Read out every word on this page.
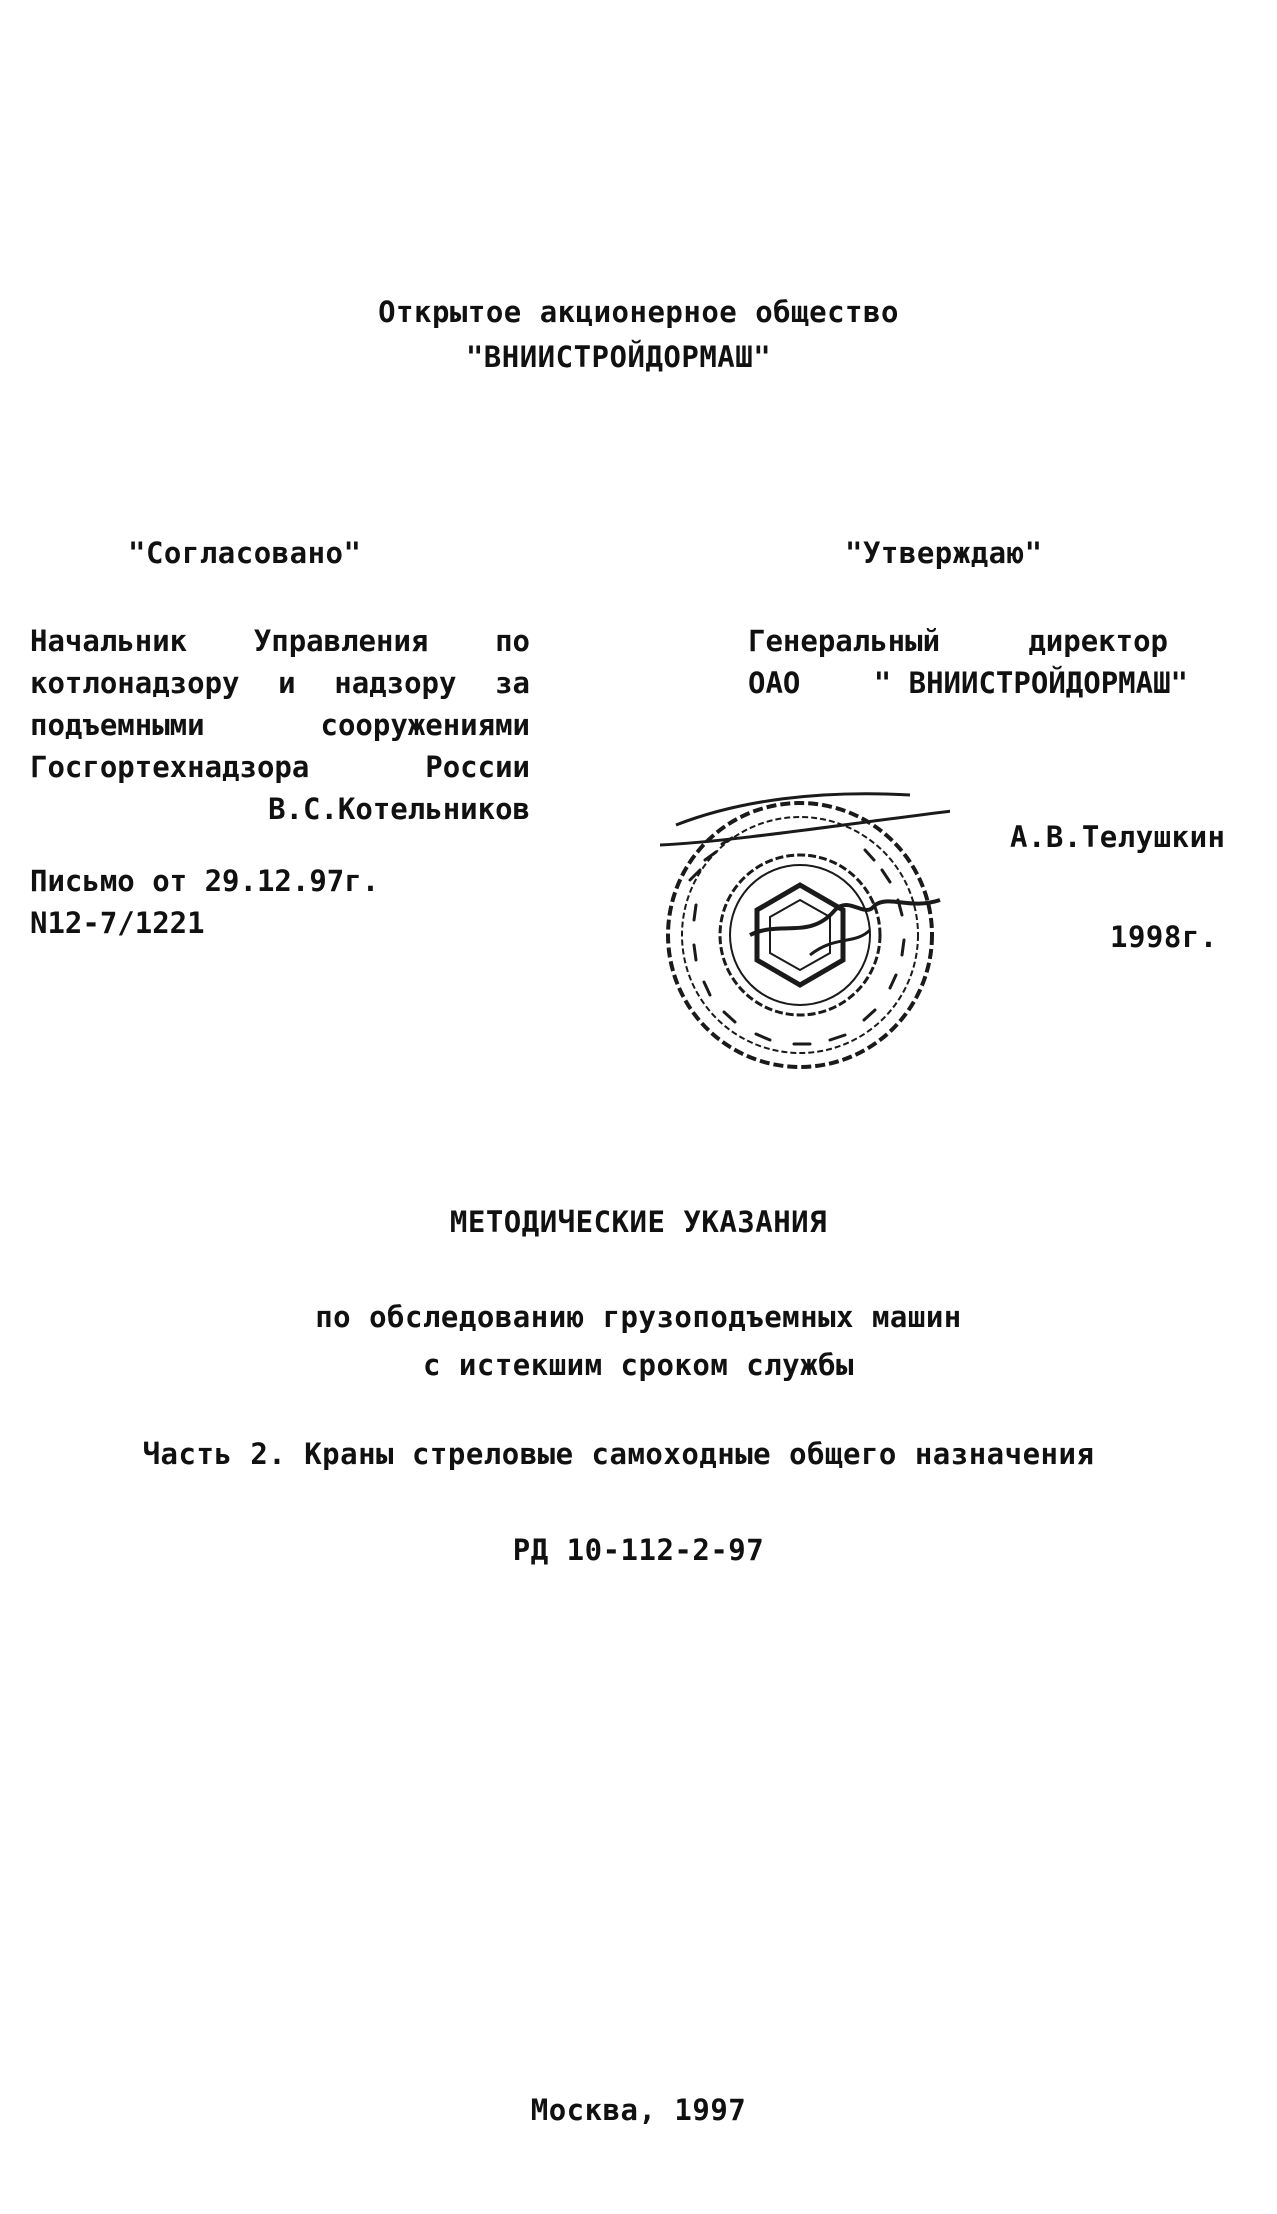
Открытое акционерное общество
"ВНИИСТРОЙДОРМАШ"
"Согласовано"
Начальник Управления по
котлонадзору и надзору за
подъемными	сооружениями
Госгортехнадзора	России
В.С.Котельников
Письмо от 29.12.97г.
N12-7/1221
"Утверждаю"
Генеральный	директор
ОАО	" ВНИИСТРОЙДОРМАШ"
А.В.Телушкин
1998г.
МЕТОДИЧЕСКИЕ УКАЗАНИЯ
по обследованию грузоподъемных машин
с истекшим сроком службы
Часть 2. Краны стреловые самоходные общего назначения
РД 10-112-2-97
Москва, 1997
